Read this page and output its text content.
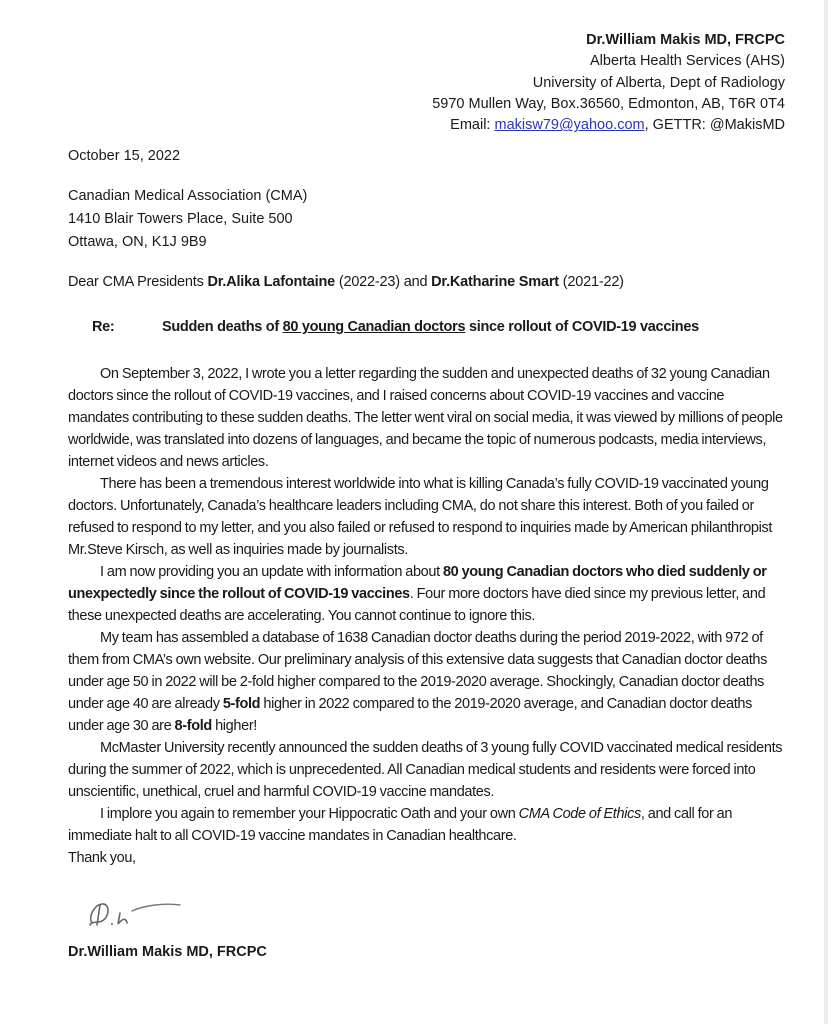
Dr.William Makis MD, FRCPC
Alberta Health Services (AHS)
University of Alberta, Dept of Radiology
5970 Mullen Way, Box.36560, Edmonton, AB, T6R 0T4
Email: makisw79@yahoo.com, GETTR: @MakisMD
October 15, 2022
Canadian Medical Association (CMA)
1410 Blair Towers Place, Suite 500
Ottawa, ON, K1J 9B9
Dear CMA Presidents Dr.Alika Lafontaine (2022-23) and Dr.Katharine Smart (2021-22)
Re:	Sudden deaths of 80 young Canadian doctors since rollout of COVID-19 vaccines

On September 3, 2022, I wrote you a letter regarding the sudden and unexpected deaths of 32 young Canadian doctors since the rollout of COVID-19 vaccines, and I raised concerns about COVID-19 vaccines and vaccine mandates contributing to these sudden deaths. The letter went viral on social media, it was viewed by millions of people worldwide, was translated into dozens of languages, and became the topic of numerous podcasts, media interviews, internet videos and news articles.

There has been a tremendous interest worldwide into what is killing Canada’s fully COVID-19 vaccinated young doctors. Unfortunately, Canada’s healthcare leaders including CMA, do not share this interest. Both of you failed or refused to respond to my letter, and you also failed or refused to respond to inquiries made by American philanthropist Mr.Steve Kirsch, as well as inquiries made by journalists.

I am now providing you an update with information about 80 young Canadian doctors who died suddenly or unexpectedly since the rollout of COVID-19 vaccines. Four more doctors have died since my previous letter, and these unexpected deaths are accelerating. You cannot continue to ignore this.

My team has assembled a database of 1638 Canadian doctor deaths during the period 2019-2022, with 972 of them from CMA’s own website. Our preliminary analysis of this extensive data suggests that Canadian doctor deaths under age 50 in 2022 will be 2-fold higher compared to the 2019-2020 average. Shockingly, Canadian doctor deaths under age 40 are already 5-fold higher in 2022 compared to the 2019-2020 average, and Canadian doctor deaths under age 30 are 8-fold higher!

McMaster University recently announced the sudden deaths of 3 young fully COVID vaccinated medical residents during the summer of 2022, which is unprecedented. All Canadian medical students and residents were forced into unscientific, unethical, cruel and harmful COVID-19 vaccine mandates.

I implore you again to remember your Hippocratic Oath and your own CMA Code of Ethics, and call for an immediate halt to all COVID-19 vaccine mandates in Canadian healthcare.

Thank you,

Dr.William Makis MD, FRCPC
